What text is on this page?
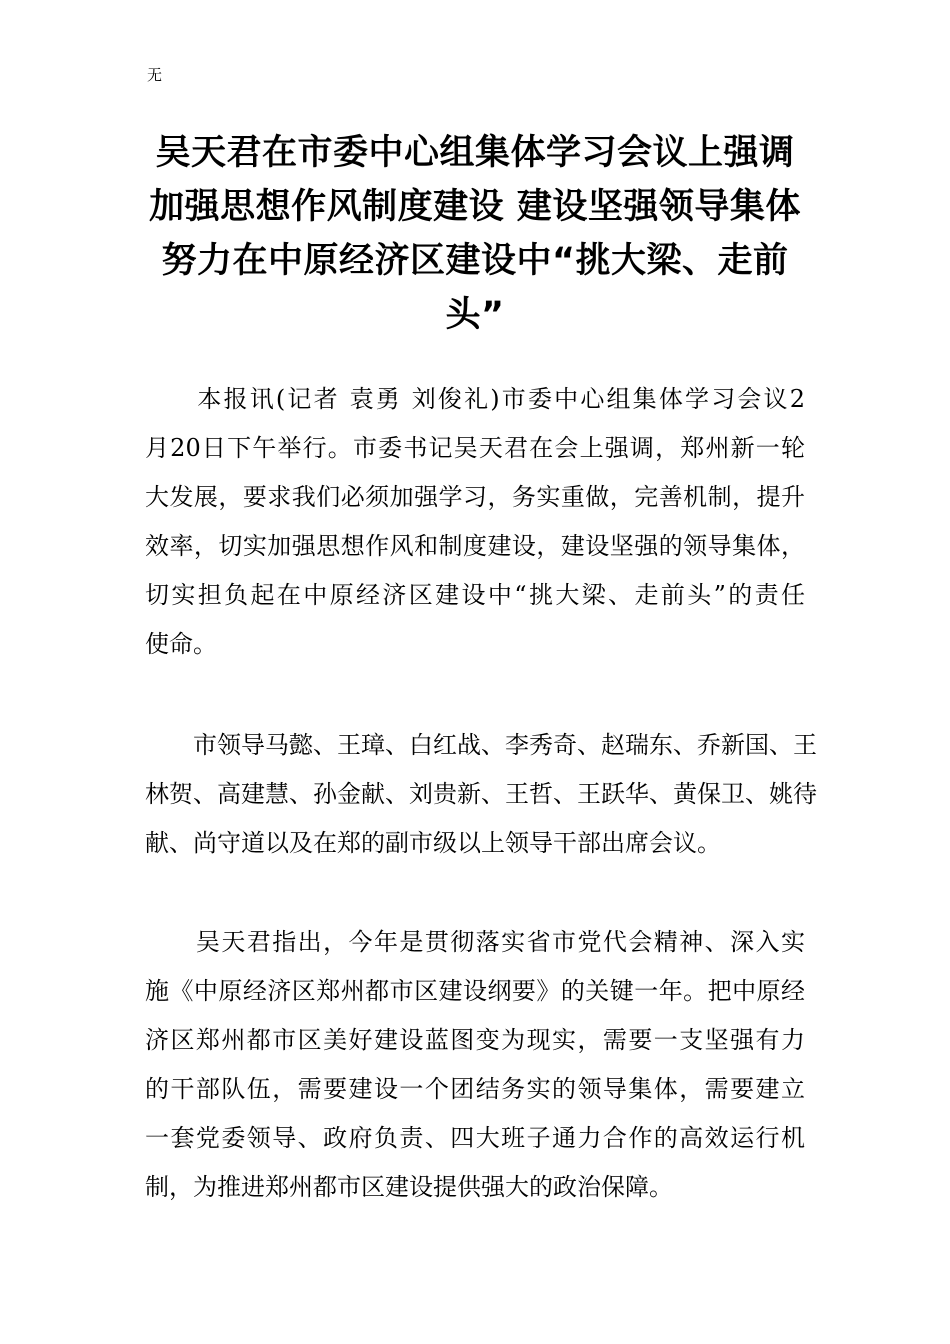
无
吴天君在市委中心组集体学习会议上强调
加强思想作风制度建设 建设坚强领导集体
努力在中原经济区建设中“挑大梁、走前
头”
　　本报讯(记者 袁勇 刘俊礼)市委中心组集体学习会议2
月20日下午举行。市委书记吴天君在会上强调，郑州新一轮
大发展，要求我们必须加强学习，务实重做，完善机制，提升
效率，切实加强思想作风和制度建设，建设坚强的领导集体，
切实担负起在中原经济区建设中“挑大梁、走前头”的责任
使命。
　　市领导马懿、王璋、白红战、李秀奇、赵瑞东、乔新国、王
林贺、高建慧、孙金献、刘贵新、王哲、王跃华、黄保卫、姚待
献、尚守道以及在郑的副市级以上领导干部出席会议。
　　吴天君指出，今年是贯彻落实省市党代会精神、深入实
施《中原经济区郑州都市区建设纲要》的关键一年。把中原经
济区郑州都市区美好建设蓝图变为现实，需要一支坚强有力
的干部队伍，需要建设一个团结务实的领导集体，需要建立
一套党委领导、政府负责、四大班子通力合作的高效运行机
制，为推进郑州都市区建设提供强大的政治保障。
